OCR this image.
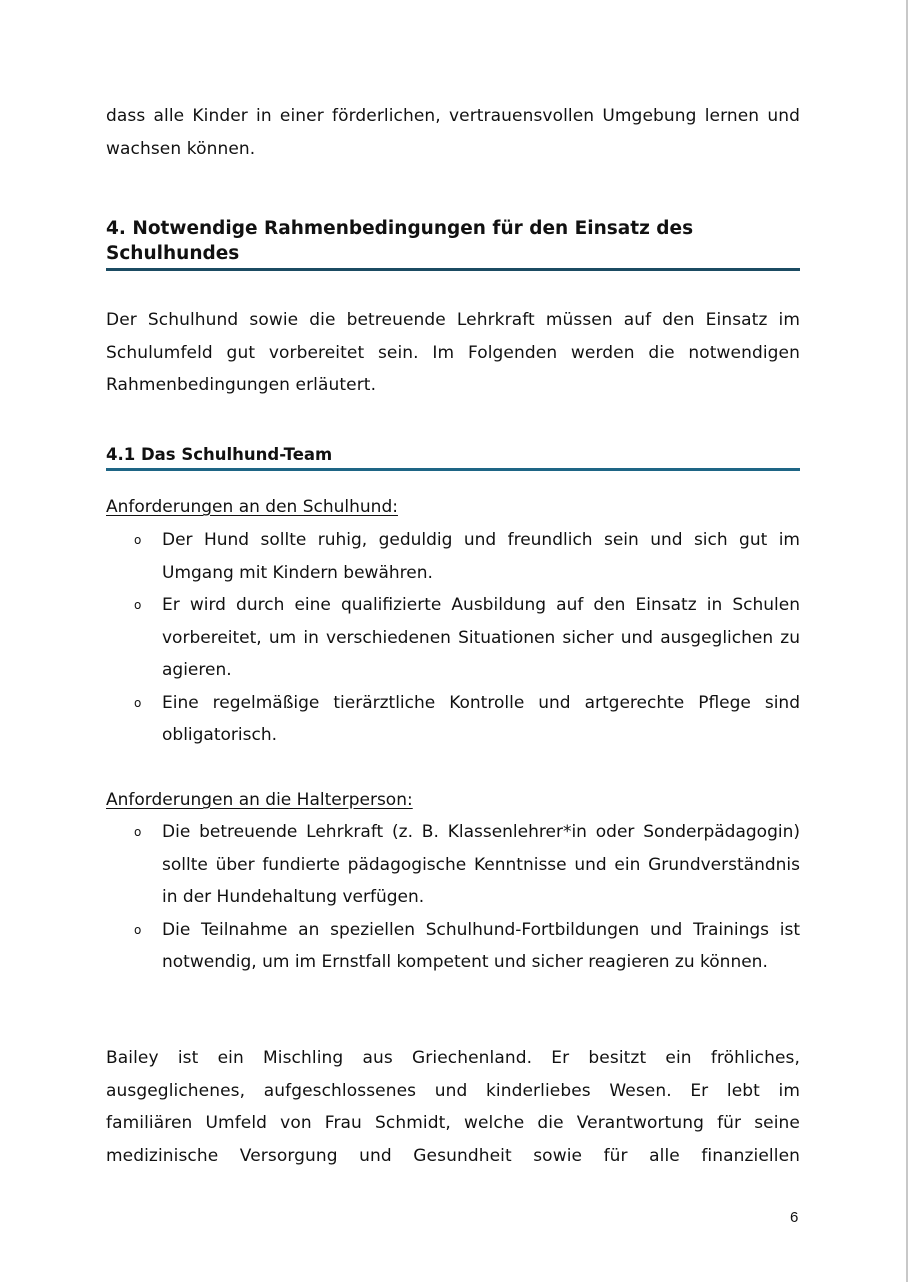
dass alle Kinder in einer förderlichen, vertrauensvollen Umgebung lernen und wachsen können.

4. Notwendige Rahmenbedingungen für den Einsatz des Schulhundes

Der Schulhund sowie die betreuende Lehrkraft müssen auf den Einsatz im Schulumfeld gut vorbereitet sein. Im Folgenden werden die notwendigen Rahmenbedingungen erläutert.

4.1 Das Schulhund-Team

Anforderungen an den Schulhund:

o Der Hund sollte ruhig, geduldig und freundlich sein und sich gut im Umgang mit Kindern bewähren.
o Er wird durch eine qualifizierte Ausbildung auf den Einsatz in Schulen vorbereitet, um in verschiedenen Situationen sicher und ausgeglichen zu agieren.
o Eine regelmäßige tierärztliche Kontrolle und artgerechte Pflege sind obligatorisch.

Anforderungen an die Halterperson:

o Die betreuende Lehrkraft (z. B. Klassenlehrer*in oder Sonderpädagogin) sollte über fundierte pädagogische Kenntnisse und ein Grundverständnis in der Hundehaltung verfügen.
o Die Teilnahme an speziellen Schulhund-Fortbildungen und Trainings ist notwendig, um im Ernstfall kompetent und sicher reagieren zu können.

Bailey ist ein Mischling aus Griechenland. Er besitzt ein fröhliches, ausgeglichenes, aufgeschlossenes und kinderliebes Wesen. Er lebt im familiären Umfeld von Frau Schmidt, welche die Verantwortung für seine medizinische Versorgung und Gesundheit sowie für alle finanziellen

6
